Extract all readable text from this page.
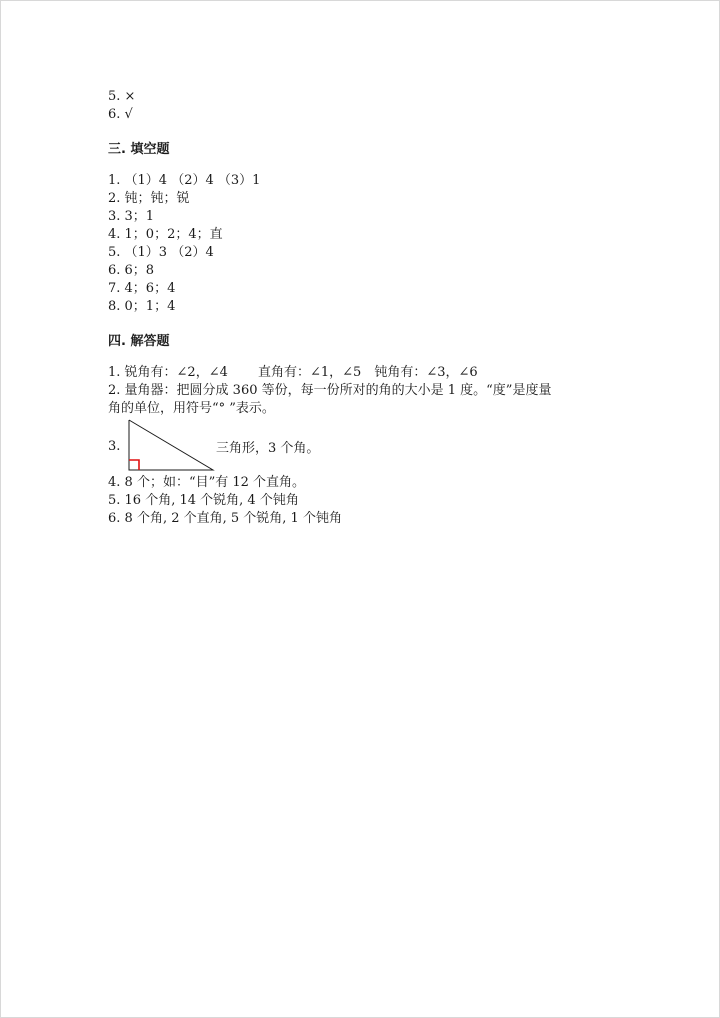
5. ×
6. √
三. 填空题
1. （1）4 （2）4 （3）1
2. 钝；钝；锐
3. 3；1
4. 1；0；2；4；直
5. （1）3 （2）4
6. 6；8
7. 4；6；4
8. 0；1；4
四. 解答题
1. 锐角有：∠2，∠4　　 直角有：∠1，∠5　钝角有：∠3，∠6
2. 量角器：把圆分成 360 等份，每一份所对的角的大小是 1 度。“度”是度量
角的单位，用符号“° ”表示。
3.	三角形，3 个角。
4. 8 个；如：“目”有 12 个直角。
5. 16 个角, 14 个锐角, 4 个钝角
6. 8 个角, 2 个直角, 5 个锐角, 1 个钝角
